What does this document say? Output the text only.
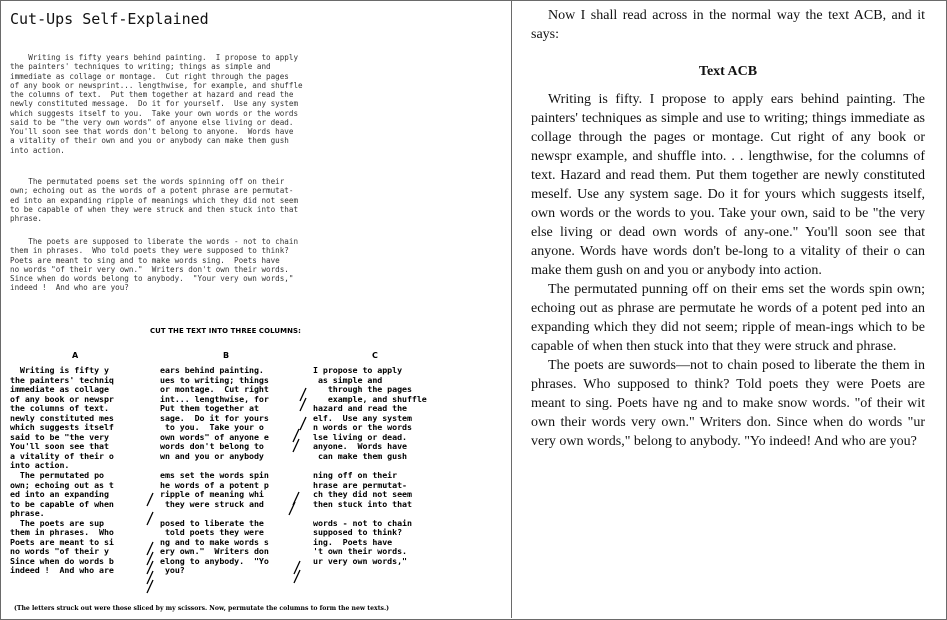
Cut-Ups Self-Explained
Writing is fifty years behind painting.  I propose to apply
the painters' techniques to writing; things as simple and
immediate as collage or montage.  Cut right through the pages
of any book or newsprint... lengthwise, for example, and shuffle
the columns of text.  Put them together at hazard and read the
newly constituted message.  Do it for yourself.  Use any system
which suggests itself to you.  Take your own words or the words
said to be "the very own words" of anyone else living or dead.
You'll soon see that words don't belong to anyone.  Words have
a vitality of their own and you or anybody can make them gush
into action.
The permutated poems set the words spinning off on their
own; echoing out as the words of a potent phrase are permutat-
ed into an expanding ripple of meanings which they did not seem
to be capable of when they were struck and then stuck into that
phrase.
The poets are supposed to liberate the words - not to chain
them in phrases.  Who told poets they were supposed to think?
Poets are meant to sing and to make words sing.  Poets have
no words "of their very own."  Writers don't own their words.
Since when do words belong to anybody.  "Your very own words,"
indeed !  And who are you?
CUT THE TEXT INTO THREE COLUMNS:
A	B	C
Writing is fifty y
the painters' techniq
immediate as collage
of any book or newspr
the columns of text.
newly constituted mes
which suggests itself
said to be "the very
You'll soon see that
a vitality of their o
into action.
The permutated po
own; echoing out as t
ed into an expanding
to be capable of when
phrase.
The poets are sup
them in phrases.  Who
Poets are meant to si
no words "of their y
Since when do words b
indeed !  And who are
ears behind painting.
ues to writing; things
or montage.  Cut right
int... lengthwise, for
Put them together at
sage.  Do it for yours
to you.  Take your o
own words" of anyone e
words don't belong to
wn and you or anybody

ems set the words spin
he words of a potent p
ripple of meaning whi
they were struck and

posed to liberate the
told poets they were
ng and to make words s
ery own."  Writers don
elong to anybody.  "Yo
you?
I propose to apply
as simple and
through the pages
example, and shuffle
hazard and read the
elf.  Use any system
n words or the words
lse living or dead.
anyone.  Words have
can make them gush

ning off on their
hrase are permutat-
ch they did not seem
then stuck into that

words - not to chain
supposed to think?
ing.  Poets have
't own their words.
ur very own words,"
(The letters struck out were those sliced by my scissors. Now, permutate the columns to form the new texts.)

Now I shall read across in the normal way the text ACB, and it says:

Text ACB

Writing is fifty. I propose to apply ears behind painting. The painters' techniques as simple and use to writing; things immediate as collage through the pages or montage. Cut right of any book or newspr example, and shuffle into. . . lengthwise, for the columns of text. Hazard and read them. Put them together are newly constituted meself. Use any system sage. Do it for yours which suggests itself, own words or the words to you. Take your own, said to be "the very else living or dead own words of any-one." You'll soon see that anyone. Words have words don't be-long to a vitality of their o can make them gush on and you or anybody into action.

The permutated punning off on their ems set the words spin own; echoing out as phrase are permutate he words of a potent ped into an expanding which they did not seem; ripple of mean-ings which to be capable of when then stuck into that they were struck and phrase.

The poets are suwords—not to chain posed to liberate the them in phrases. Who supposed to think? Told poets they were Poets are meant to sing. Poets have ng and to make snow words. "of their wit own their words very own." Writers don. Since when do words "ur very own words," belong to anybody. "Yo indeed! And who are you?
